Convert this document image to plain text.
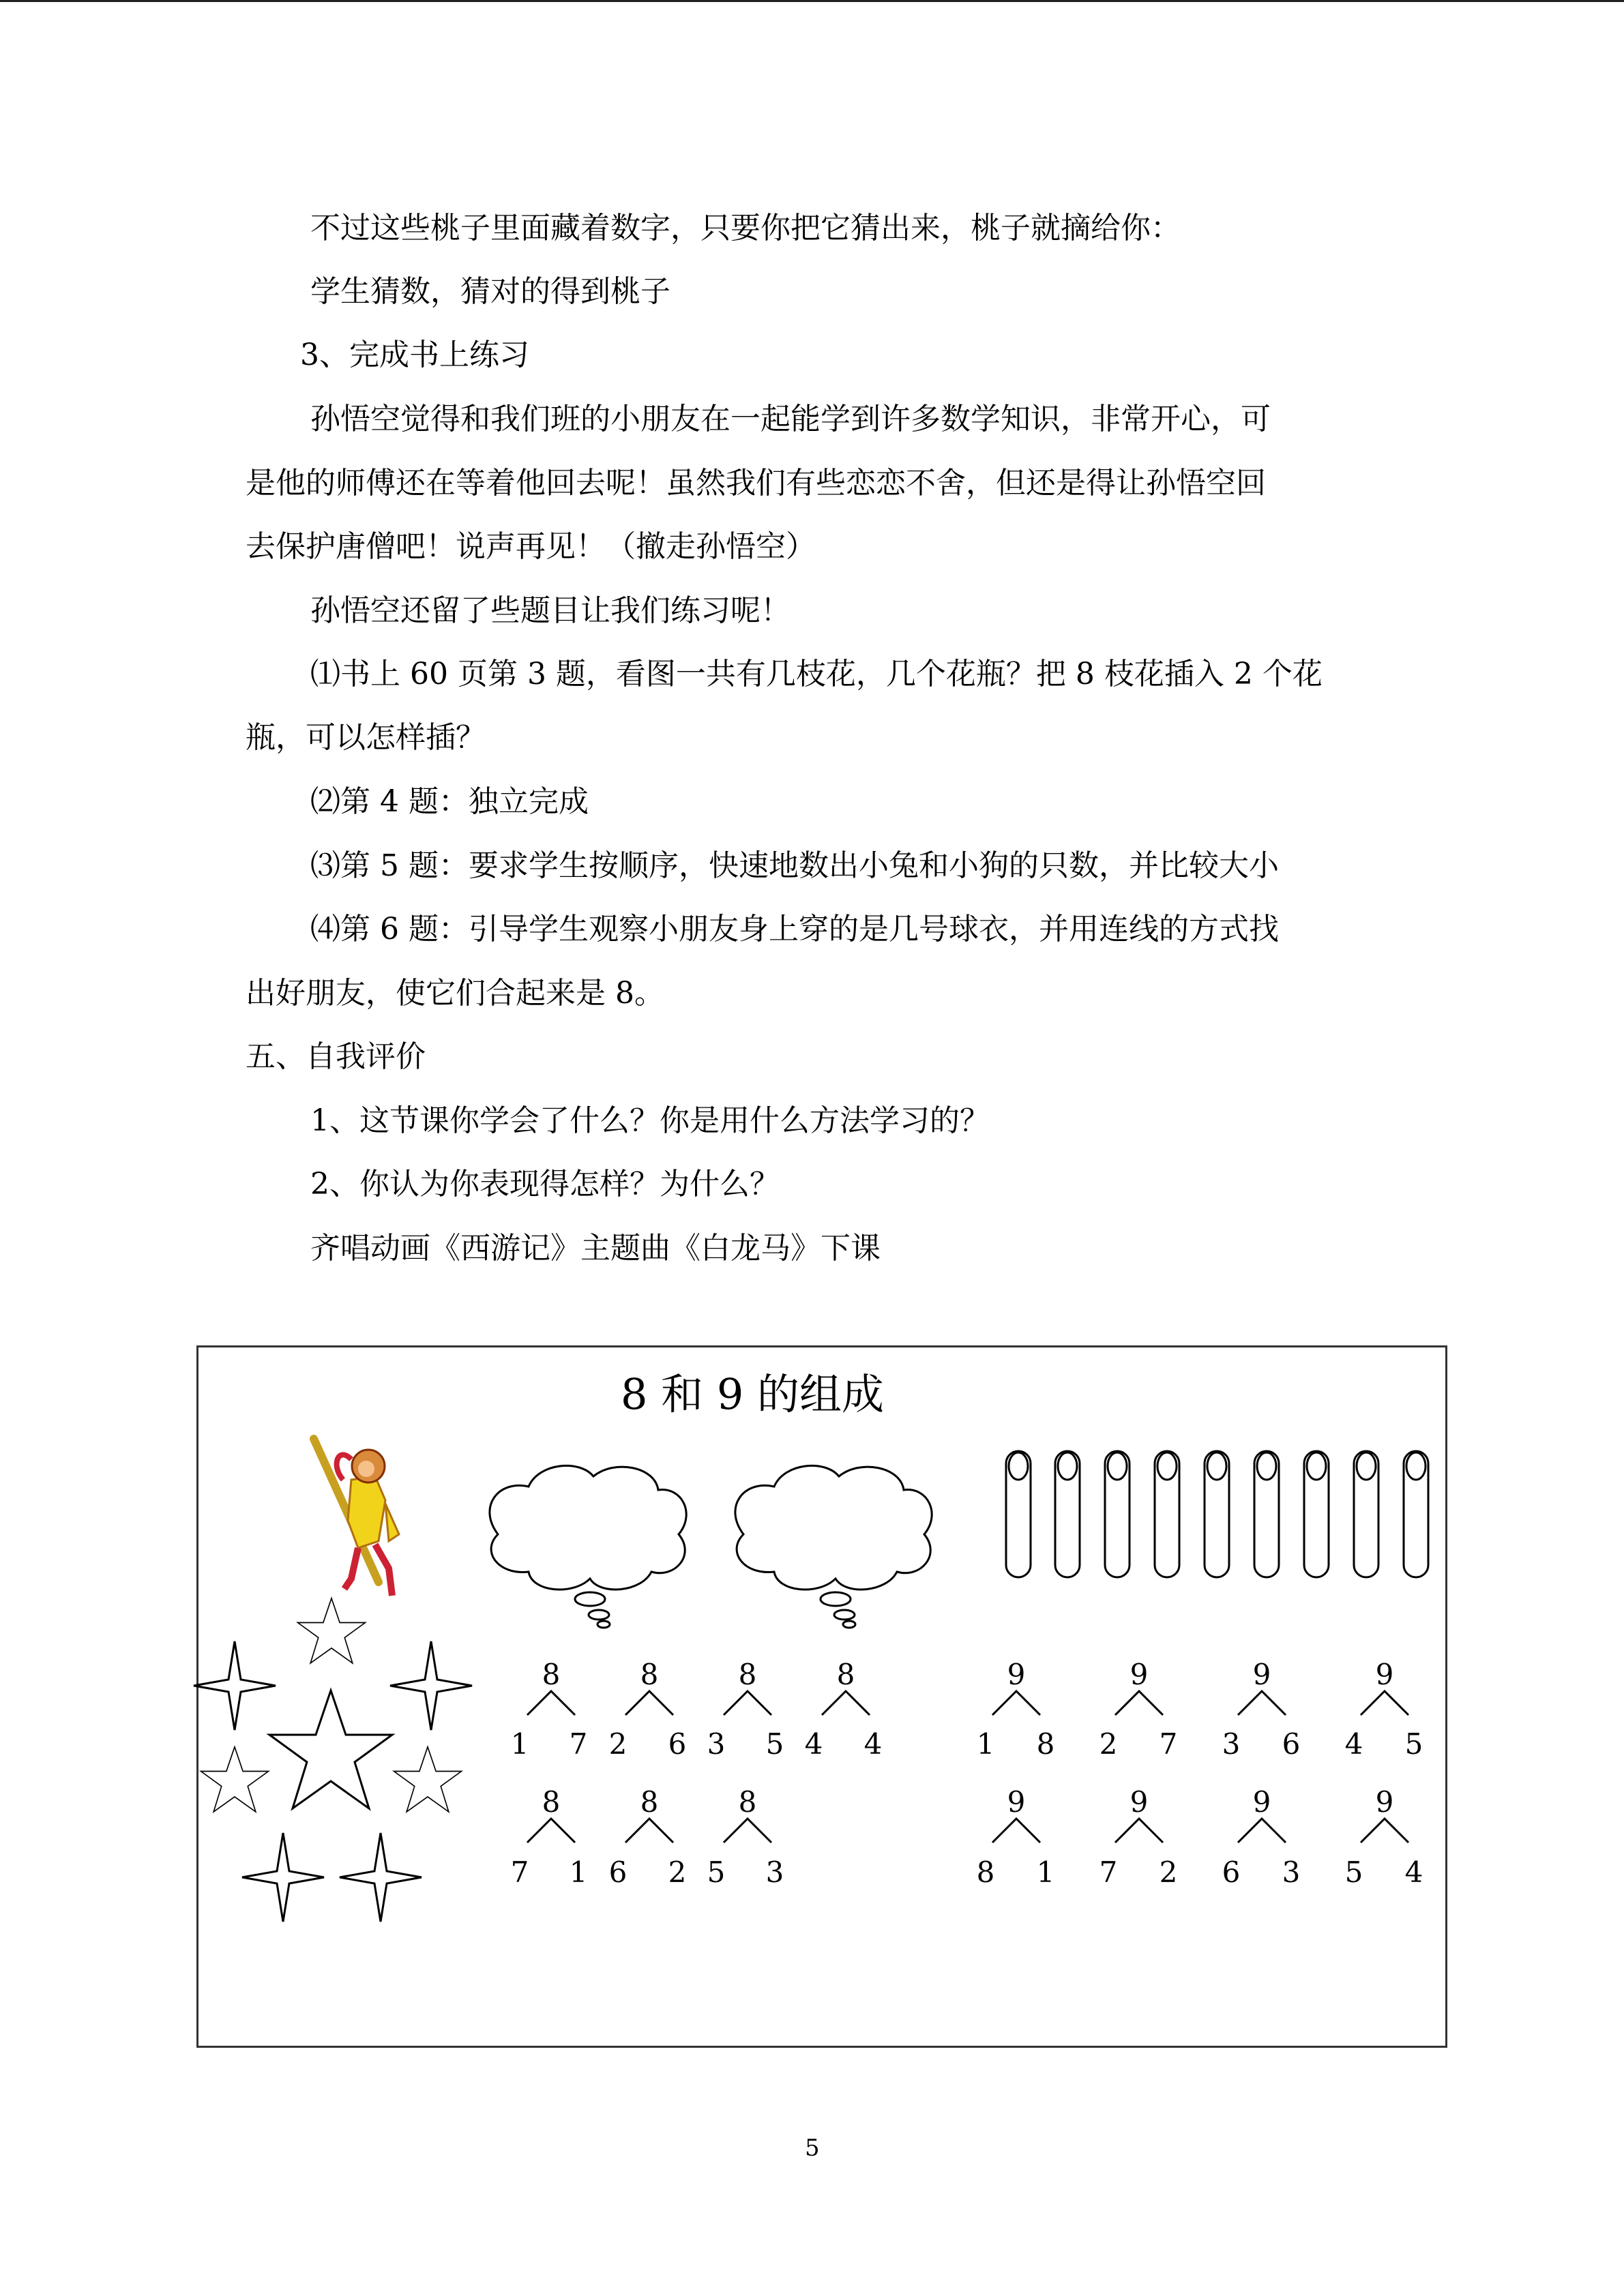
不过这些桃子里面藏着数字，只要你把它猜出来，桃子就摘给你：
学生猜数，猜对的得到桃子
3、完成书上练习
孙悟空觉得和我们班的小朋友在一起能学到许多数学知识，非常开心，可
是他的师傅还在等着他回去呢！虽然我们有些恋恋不舍，但还是得让孙悟空回
去保护唐僧吧！说声再见！（撤走孙悟空）
孙悟空还留了些题目让我们练习呢！
⑴书上 60 页第 3 题，看图一共有几枝花，几个花瓶？把 8 枝花插入 2 个花
瓶，可以怎样插？
⑵第 4 题：独立完成
⑶第 5 题：要求学生按顺序，快速地数出小兔和小狗的只数，并比较大小
⑷第 6 题：引导学生观察小朋友身上穿的是几号球衣，并用连线的方式找
出好朋友，使它们合起来是 8。
五、自我评价
1、这节课你学会了什么？你是用什么方法学习的？
2、你认为你表现得怎样？为什么？
齐唱动画《西游记》主题曲《白龙马》下课
8 和 9 的组成
8
1 7
8
2 6
8
3 5
8
4 4
8
7 1
8
6 2
8
5 3
9
1 8
9
2 7
9
3 6
9
4 5
9
8 1
9
7 2
9
6 3
9
5 4
5
